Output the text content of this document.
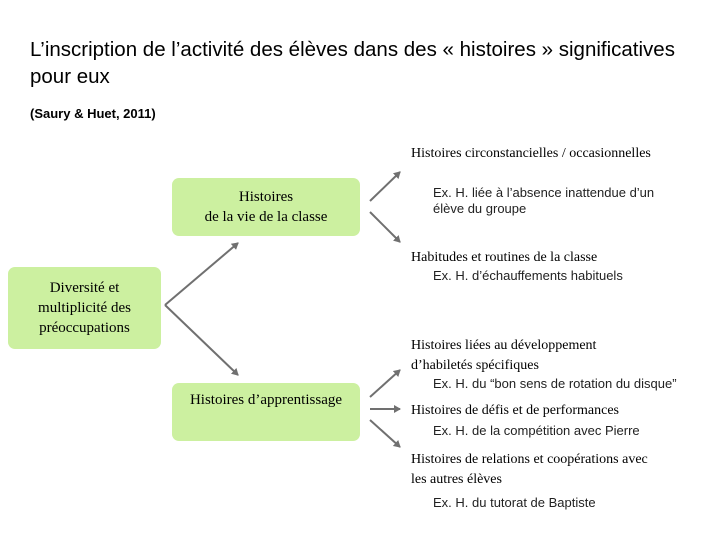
L’inscription de l’activité des élèves dans des « histoires » significatives pour eux
(Saury & Huet, 2011)
Diversité et
multiplicité des
préoccupations
Histoires
de la vie de la classe
Histoires d’apprentissage
Histoires circonstancielles / occasionnelles
Ex. H. liée à l’absence inattendue d’un élève du groupe
Habitudes et routines de la classe
Ex. H. d’échauffements habituels
Histoires liées au développement
d’habiletés spécifiques
Ex. H. du “bon sens de rotation du disque”
Histoires de défis et de performances
Ex. H. de la compétition avec Pierre
Histoires de relations et coopérations avec
les autres élèves
Ex. H. du tutorat de Baptiste
